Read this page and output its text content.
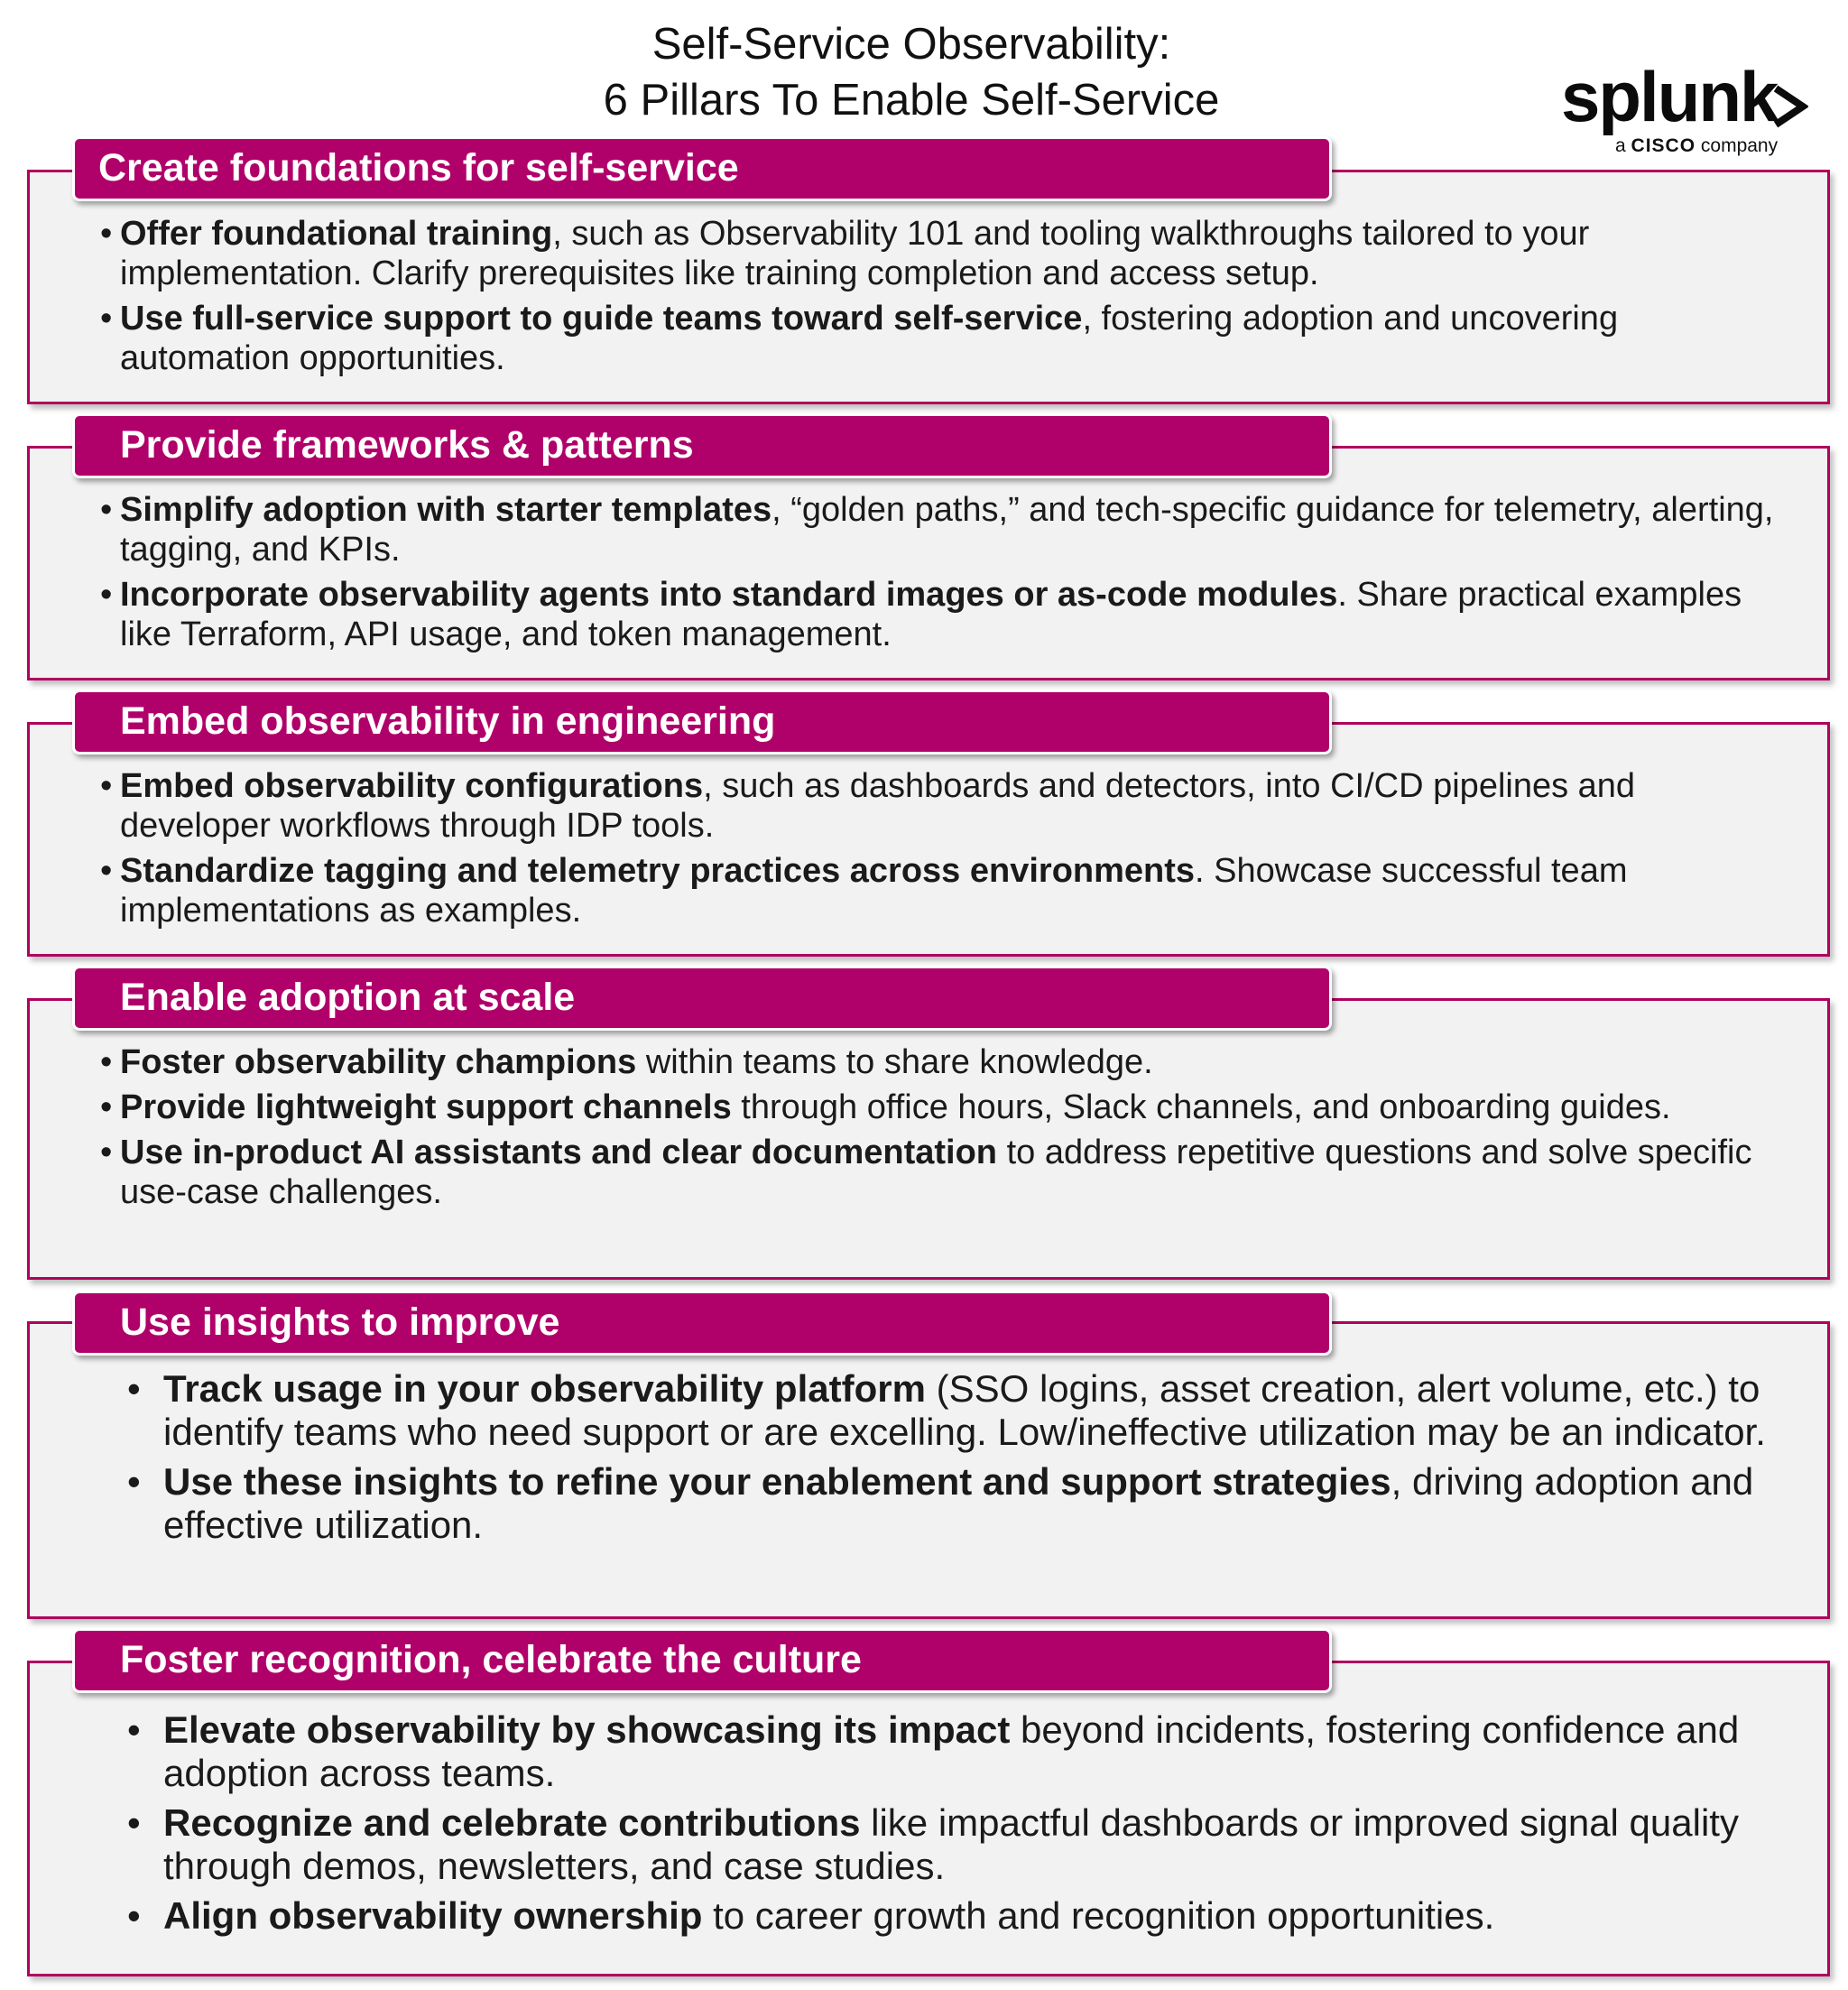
Self-Service Observability:
6 Pillars To Enable Self-Service	splunk
a CISCO company
• Offer foundational training, such as Observability 101 and tooling walkthroughs tailored to your implementation. Clarify prerequisites like training completion and access setup.
• Use full-service support to guide teams toward self-service, fostering adoption and uncovering automation opportunities.
Create foundations for self-service
• Simplify adoption with starter templates, “golden paths,” and tech-specific guidance for telemetry, alerting, tagging, and KPIs.
• Incorporate observability agents into standard images or as-code modules. Share practical examples like Terraform, API usage, and token management.
Provide frameworks & patterns
• Embed observability configurations, such as dashboards and detectors, into CI/CD pipelines and developer workflows through IDP tools.
• Standardize tagging and telemetry practices across environments. Showcase successful team implementations as examples.
Embed observability in engineering
• Foster observability champions within teams to share knowledge.
• Provide lightweight support channels through office hours, Slack channels, and onboarding guides.
• Use in-product AI assistants and clear documentation to address repetitive questions and solve specific use-case challenges.
Enable adoption at scale
• Track usage in your observability platform (SSO logins, asset creation, alert volume, etc.) to identify teams who need support or are excelling. Low/ineffective utilization may be an indicator.
• Use these insights to refine your enablement and support strategies, driving adoption and effective utilization.
Use insights to improve
• Elevate observability by showcasing its impact beyond incidents, fostering confidence and adoption across teams.
• Recognize and celebrate contributions like impactful dashboards or improved signal quality through demos, newsletters, and case studies.
• Align observability ownership to career growth and recognition opportunities.
Foster recognition, celebrate the culture
